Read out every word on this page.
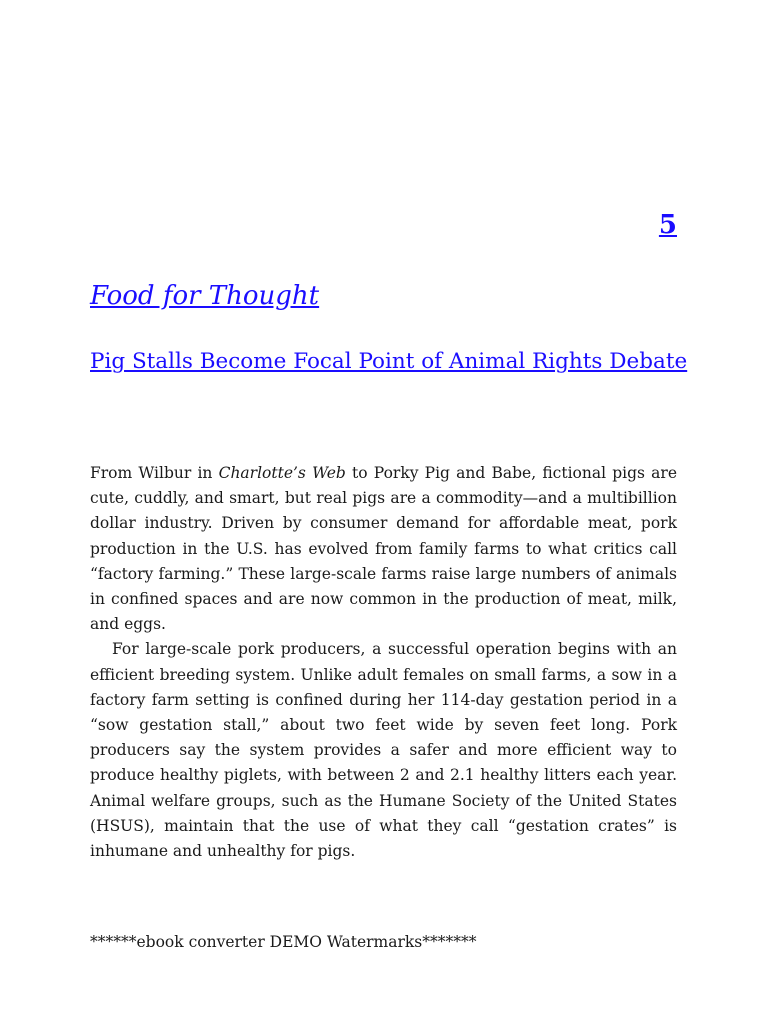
5
Food for Thought
Pig Stalls Become Focal Point of Animal Rights Debate

From Wilbur in Charlotte’s Web to Porky Pig and Babe, fictional pigs are cute, cuddly, and smart, but real pigs are a commodity—and a multibillion dollar industry. Driven by consumer demand for affordable meat, pork production in the U.S. has evolved from family farms to what critics call “factory farming.” These large-scale farms raise large numbers of animals in confined spaces and are now common in the production of meat, milk, and eggs.

For large-scale pork producers, a successful operation begins with an efficient breeding system. Unlike adult females on small farms, a sow in a factory farm setting is confined during her 114-day gestation period in a “sow gestation stall,” about two feet wide by seven feet long. Pork producers say the system provides a safer and more efficient way to produce healthy piglets, with between 2 and 2.1 healthy litters each year. Animal welfare groups, such as the Humane Society of the United States (HSUS), maintain that the use of what they call “gestation crates” is inhumane and unhealthy for pigs.

******ebook converter DEMO Watermarks*******
